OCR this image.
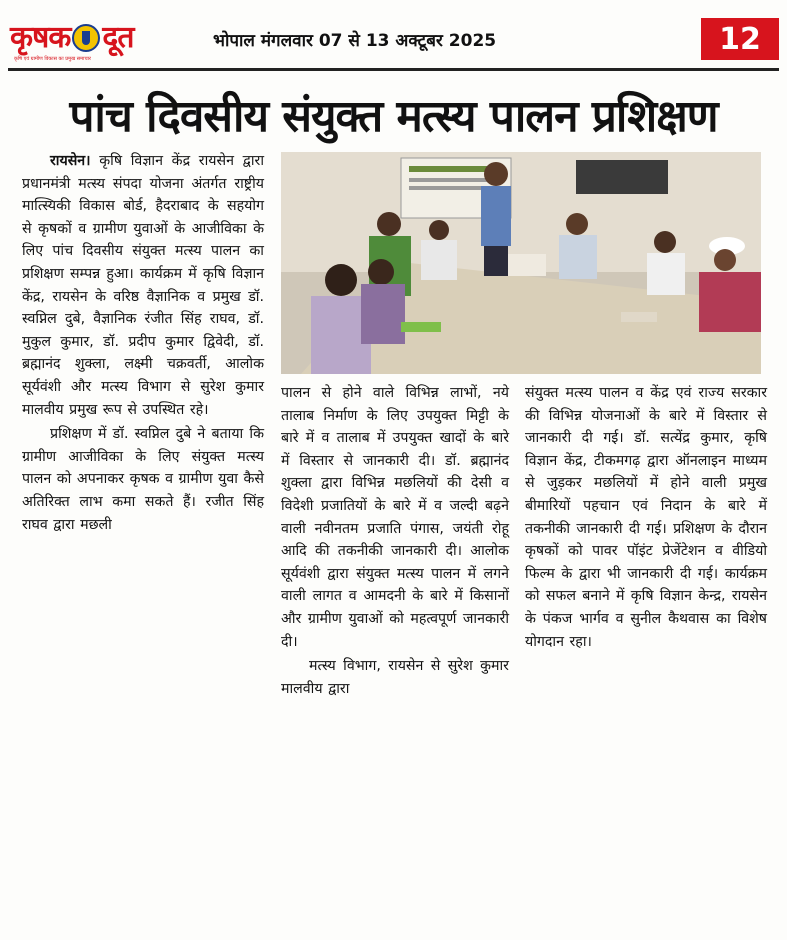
कृषक दूत
कृषि एवं ग्रामीण विकास का प्रमुख समाचार
भोपाल मंगलवार 07 से 13 अक्टूबर 2025	12
पांच दिवसीय संयुक्त मत्स्य पालन प्रशिक्षण

रायसेन। कृषि विज्ञान केंद्र रायसेन द्वारा प्रधानमंत्री मत्स्य संपदा योजना अंतर्गत राष्ट्रीय मात्स्यिकी विकास बोर्ड, हैदराबाद के सहयोग से कृषकों व ग्रामीण युवाओं के आजीविका के लिए पांच दिवसीय संयुक्त मत्स्य पालन का प्रशिक्षण सम्पन्न हुआ। कार्यक्रम में कृषि विज्ञान केंद्र, रायसेन के वरिष्ठ वैज्ञानिक व प्रमुख डॉ. स्वप्निल दुबे, वैज्ञानिक रंजीत सिंह राघव, डॉ. मुकुल कुमार, डॉ. प्रदीप कुमार द्विवेदी, डॉ. ब्रह्मानंद शुक्ला, लक्ष्मी चक्रवर्ती, आलोक सूर्यवंशी और मत्स्य विभाग से सुरेश कुमार मालवीय प्रमुख रूप से उपस्थित रहे।

प्रशिक्षण में डॉ. स्वप्निल दुबे ने बताया कि ग्रामीण आजीविका के लिए संयुक्त मत्स्य पालन को अपनाकर कृषक व ग्रामीण युवा कैसे अतिरिक्त लाभ कमा सकते हैं। रजीत सिंह राघव द्वारा मछली

पालन से होने वाले विभिन्न लाभों, नये तालाब निर्माण के लिए उपयुक्त मिट्टी के बारे में व तालाब में उपयुक्त खादों के बारे में विस्तार से जानकारी दी। डॉ. ब्रह्मानंद शुक्ला द्वारा विभिन्न मछलियों की देसी व विदेशी प्रजातियों के बारे में व जल्दी बढ़ने वाली नवीनतम प्रजाति पंगास, जयंती रोहू आदि की तकनीकी जानकारी दी। आलोक सूर्यवंशी द्वारा संयुक्त मत्स्य पालन में लगने वाली लागत व आमदनी के बारे में किसानों और ग्रामीण युवाओं को महत्वपूर्ण जानकारी दी।

मत्स्य विभाग, रायसेन से सुरेश कुमार मालवीय द्वारा

संयुक्त मत्स्य पालन व केंद्र एवं राज्य सरकार की विभिन्न योजनाओं के बारे में विस्तार से जानकारी दी गई। डॉ. सत्येंद्र कुमार, कृषि विज्ञान केंद्र, टीकमगढ़ द्वारा ऑनलाइन माध्यम से जुड़कर मछलियों में होने वाली प्रमुख बीमारियों पहचान एवं निदान के बारे में तकनीकी जानकारी दी गई। प्रशिक्षण के दौरान कृषकों को पावर पॉइंट प्रेजेंटेशन व वीडियो फिल्म के द्वारा भी जानकारी दी गई। कार्यक्रम को सफल बनाने में कृषि विज्ञान केन्द्र, रायसेन के पंकज भार्गव व सुनील कैथवास का विशेष योगदान रहा।
